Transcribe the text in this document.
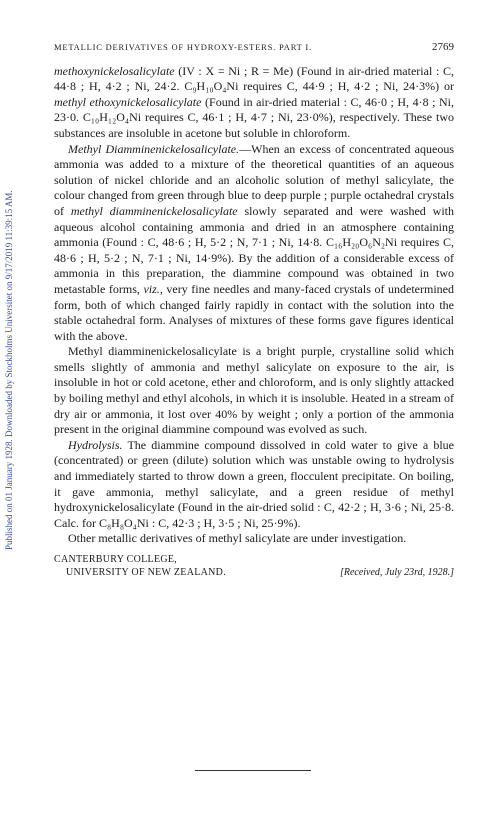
Published on 01 January 1928. Downloaded by Stockholms Universitet on 9/17/2019 11:39:15 AM.
METALLIC DERIVATIVES OF HYDROXY-ESTERS. PART I.	2769

methoxynickelosalicylate (IV : X = Ni ; R = Me) (Found in air-dried material : C, 44·8 ; H, 4·2 ; Ni, 24·2. C₉H₁₀O₄Ni requires C, 44·9 ; H, 4·2 ; Ni, 24·3%) or methyl ethoxynickelosalicylate (Found in air-dried material : C, 46·0 ; H, 4·8 ; Ni, 23·0. C₁₀H₁₂O₄Ni requires C, 46·1 ; H, 4·7 ; Ni, 23·0%), respectively. These two substances are insoluble in acetone but soluble in chloroform.

Methyl Diamminenickelosalicylate.—When an excess of concentrated aqueous ammonia was added to a mixture of the theoretical quantities of an aqueous solution of nickel chloride and an alcoholic solution of methyl salicylate, the colour changed from green through blue to deep purple ; purple octahedral crystals of methyl diamminenickelosalicylate slowly separated and were washed with aqueous alcohol containing ammonia and dried in an atmosphere containing ammonia (Found : C, 48·6 ; H, 5·2 ; N, 7·1 ; Ni, 14·8. C₁₆H₂₀O₆N₂Ni requires C, 48·6 ; H, 5·2 ; N, 7·1 ; Ni, 14·9%). By the addition of a considerable excess of ammonia in this preparation, the diammine compound was obtained in two metastable forms, viz., very fine needles and many-faced crystals of undetermined form, both of which changed fairly rapidly in contact with the solution into the stable octahedral form. Analyses of mixtures of these forms gave figures identical with the above.

Methyl diamminenickelosalicylate is a bright purple, crystalline solid which smells slightly of ammonia and methyl salicylate on exposure to the air, is insoluble in hot or cold acetone, ether and chloroform, and is only slightly attacked by boiling methyl and ethyl alcohols, in which it is insoluble. Heated in a stream of dry air or ammonia, it lost over 40% by weight ; only a portion of the ammonia present in the original diammine compound was evolved as such.

Hydrolysis. The diammine compound dissolved in cold water to give a blue (concentrated) or green (dilute) solution which was unstable owing to hydrolysis and immediately started to throw down a green, flocculent precipitate. On boiling, it gave ammonia, methyl salicylate, and a green residue of methyl hydroxynickelosalicylate (Found in the air-dried solid : C, 42·2 ; H, 3·6 ; Ni, 25·8. Calc. for C₈H₈O₄Ni : C, 42·3 ; H, 3·5 ; Ni, 25·9%).

Other metallic derivatives of methyl salicylate are under investigation.

CANTERBURY COLLEGE,
UNIVERSITY OF NEW ZEALAND.	[Received, July 23rd, 1928.]
